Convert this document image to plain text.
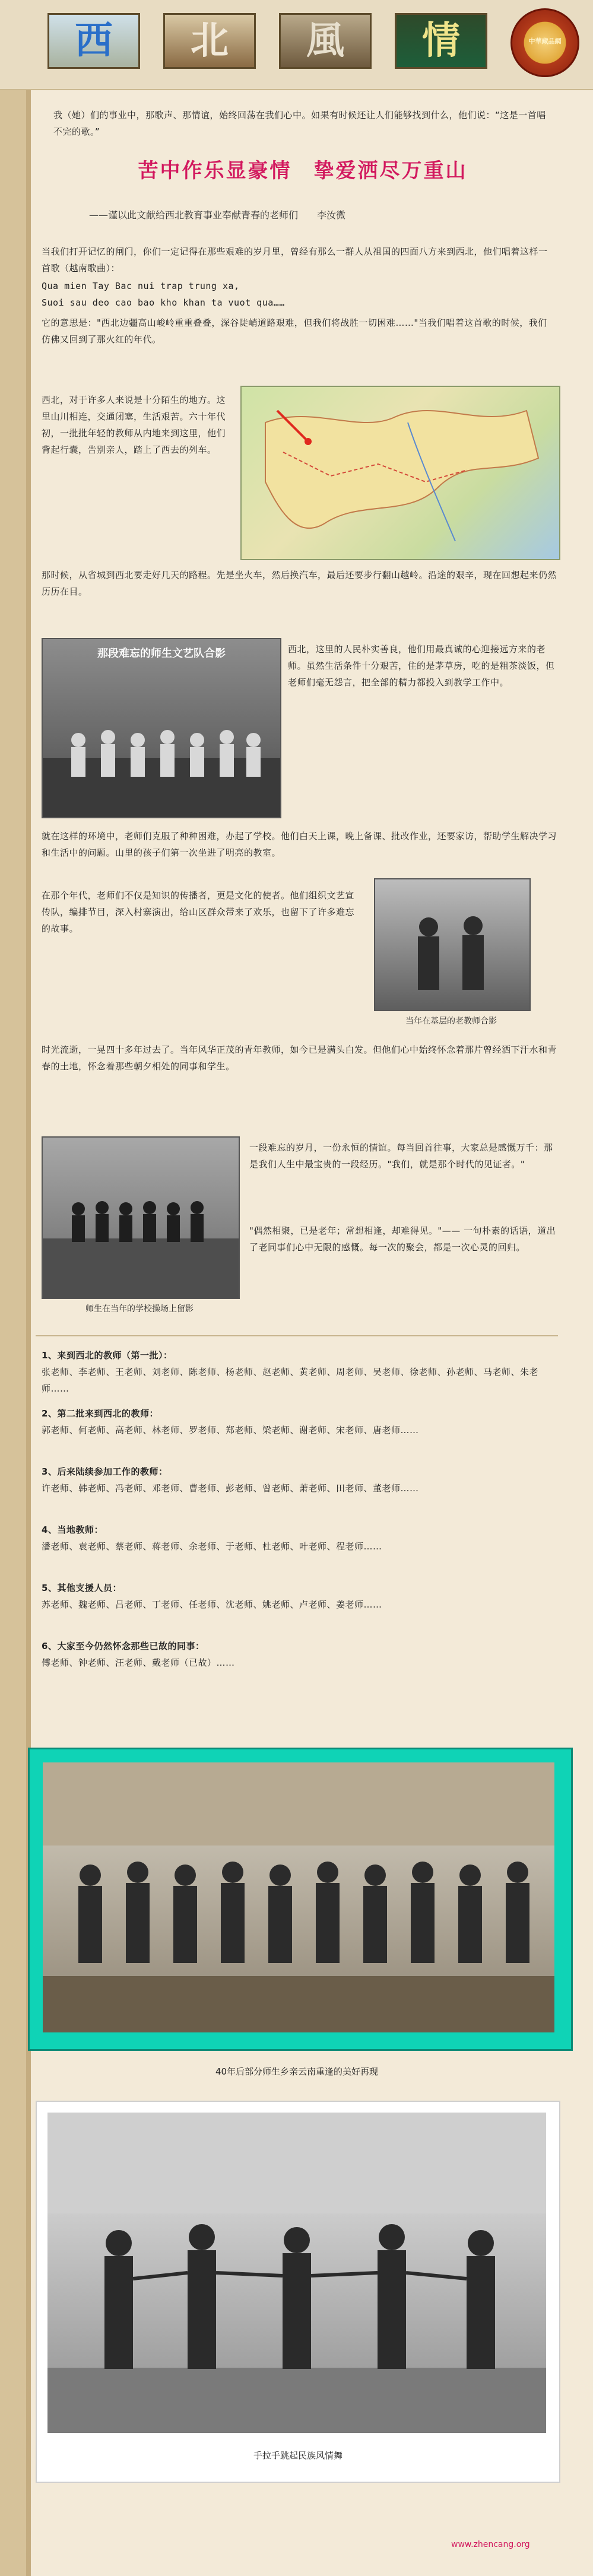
西	北	風	情	中華藏品網
我（她）们的事业中，那歌声、那情谊，始终回荡在我们心中。如果有时候还让人们能够找到什么，他们说：“这是一首唱不完的歌。”
苦中作乐显豪情　挚爱洒尽万重山
——谨以此文献给西北教育事业奉献青春的老师们　　李汝微
当我们打开记忆的闸门，你们一定记得在那些艰难的岁月里，曾经有那么一群人从祖国的四面八方来到西北，他们唱着这样一首歌（越南歌曲）：
Qua mien Tay Bac nui trap trung xa,
Suoi sau deo cao bao kho khan ta vuot qua……
它的意思是："西北边疆高山峻岭重重叠叠，深谷陡峭道路艰难，但我们将战胜一切困难……"当我们唱着这首歌的时候，我们仿佛又回到了那火红的年代。
西北，对于许多人来说是十分陌生的地方。这里山川相连，交通闭塞，生活艰苦。六十年代初，一批批年轻的教师从内地来到这里，他们背起行囊，告别亲人，踏上了西去的列车。
那时候，从省城到西北要走好几天的路程。先是坐火车，然后换汽车，最后还要步行翻山越岭。沿途的艰辛，现在回想起来仍然历历在目。
那段难忘的师生文艺队合影	西北，这里的人民朴实善良，他们用最真诚的心迎接远方来的老师。虽然生活条件十分艰苦，住的是茅草房，吃的是粗茶淡饭，但老师们毫无怨言，把全部的精力都投入到教学工作中。
就在这样的环境中，老师们克服了种种困难，办起了学校。他们白天上课，晚上备课、批改作业，还要家访，帮助学生解决学习和生活中的问题。山里的孩子们第一次坐进了明亮的教室。
在那个年代，老师们不仅是知识的传播者，更是文化的使者。他们组织文艺宣传队，编排节目，深入村寨演出，给山区群众带来了欢乐，也留下了许多难忘的故事。
当年在基层的老教师合影
时光流逝，一晃四十多年过去了。当年风华正茂的青年教师，如今已是满头白发。但他们心中始终怀念着那片曾经洒下汗水和青春的土地，怀念着那些朝夕相处的同事和学生。
师生在当年的学校操场上留影
一段难忘的岁月，一份永恒的情谊。每当回首往事，大家总是感慨万千：那是我们人生中最宝贵的一段经历。"我们，就是那个时代的见证者。"
"偶然相聚，已是老年；常想相逢，却难得见。"—— 一句朴素的话语，道出了老同事们心中无限的感慨。每一次的聚会，都是一次心灵的回归。
1、来到西北的教师（第一批）：
张老师、李老师、王老师、刘老师、陈老师、杨老师、赵老师、黄老师、周老师、吴老师、徐老师、孙老师、马老师、朱老师……
2、第二批来到西北的教师：
郭老师、何老师、高老师、林老师、罗老师、郑老师、梁老师、谢老师、宋老师、唐老师……
3、后来陆续参加工作的教师：
许老师、韩老师、冯老师、邓老师、曹老师、彭老师、曾老师、萧老师、田老师、董老师……
4、当地教师：
潘老师、袁老师、蔡老师、蒋老师、余老师、于老师、杜老师、叶老师、程老师……
5、其他支援人员：
苏老师、魏老师、吕老师、丁老师、任老师、沈老师、姚老师、卢老师、姜老师……
6、大家至今仍然怀念那些已故的同事：
傅老师、钟老师、汪老师、戴老师（已故）……
40年后部分师生乡亲云南重逢的美好再现
手拉手跳起民族风情舞
www.zhencang.org
